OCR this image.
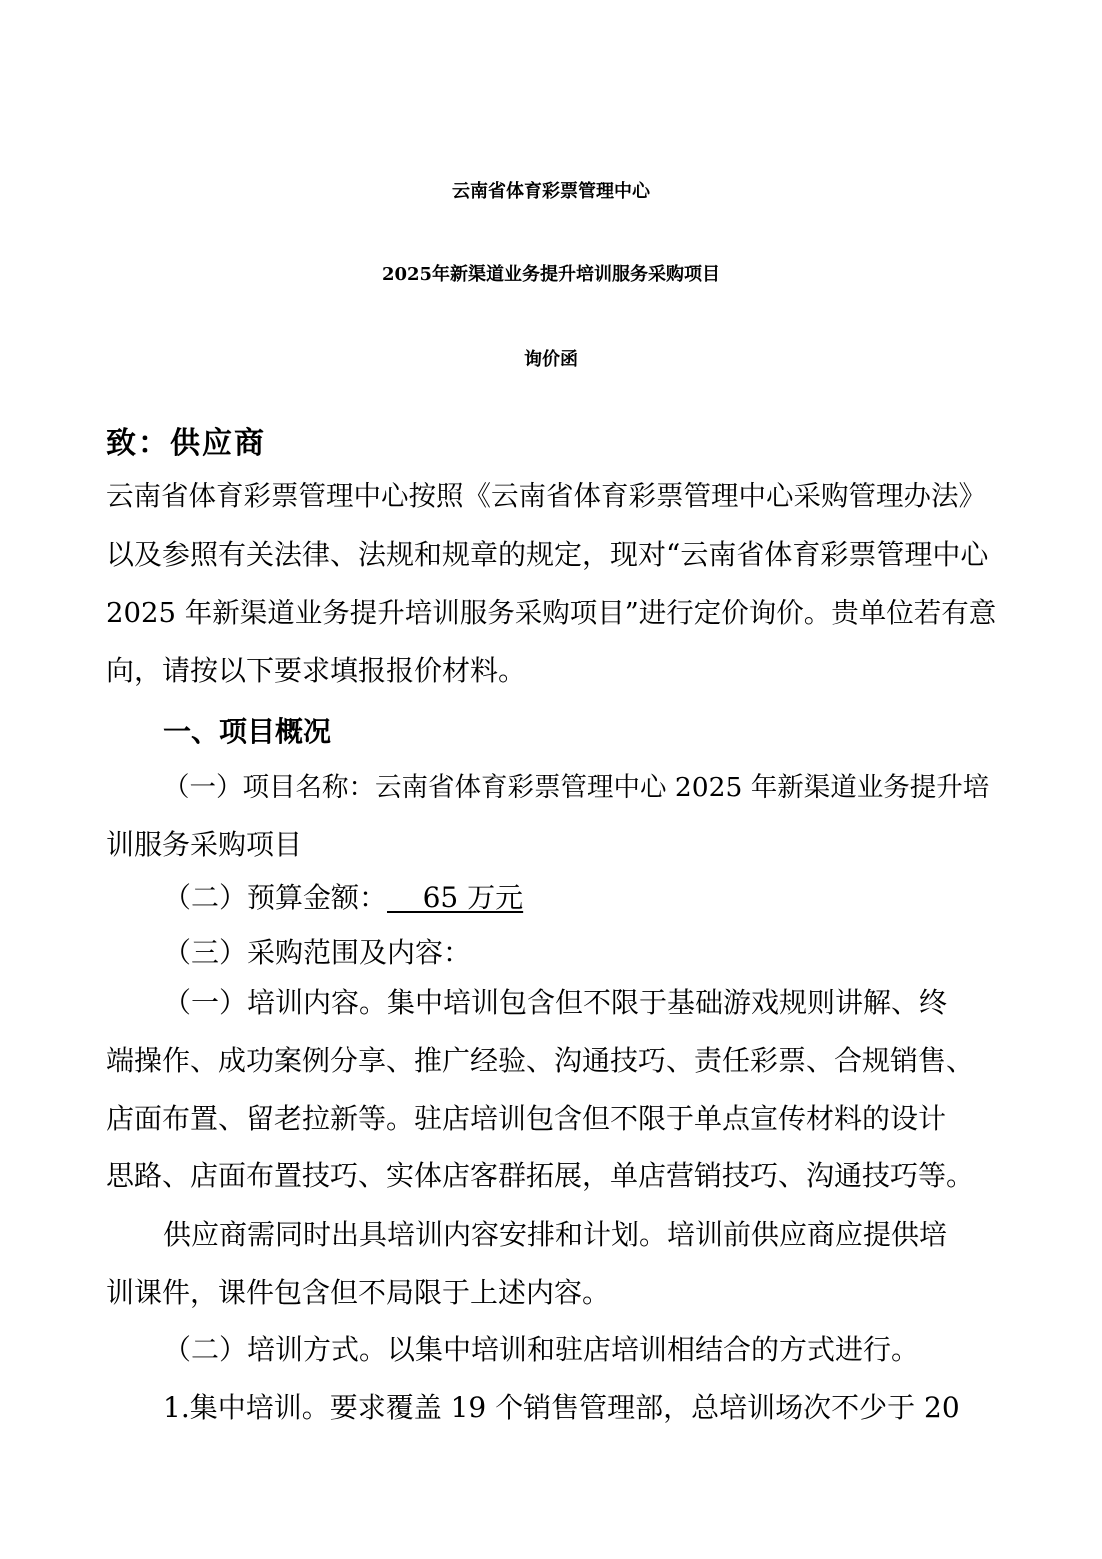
云南省体育彩票管理中心
2025年新渠道业务提升培训服务采购项目
询价函
致：供应商
云南省体育彩票管理中心按照《云南省体育彩票管理中心采购管理办法》
以及参照有关法律、法规和规章的规定，现对“云南省体育彩票管理中心
2025 年新渠道业务提升培训服务采购项目”进行定价询价。贵单位若有意
向，请按以下要求填报报价材料。
一、项目概况
（一）项目名称：云南省体育彩票管理中心 2025 年新渠道业务提升培
训服务采购项目
（二）预算金额：    65 万元
（三）采购范围及内容：
（一）培训内容。集中培训包含但不限于基础游戏规则讲解、终
端操作、成功案例分享、推广经验、沟通技巧、责任彩票、合规销售、
店面布置、留老拉新等。驻店培训包含但不限于单点宣传材料的设计
思路、店面布置技巧、实体店客群拓展，单店营销技巧、沟通技巧等。
供应商需同时出具培训内容安排和计划。培训前供应商应提供培
训课件，课件包含但不局限于上述内容。
（二）培训方式。以集中培训和驻店培训相结合的方式进行。
1.集中培训。要求覆盖 19 个销售管理部，总培训场次不少于 20
